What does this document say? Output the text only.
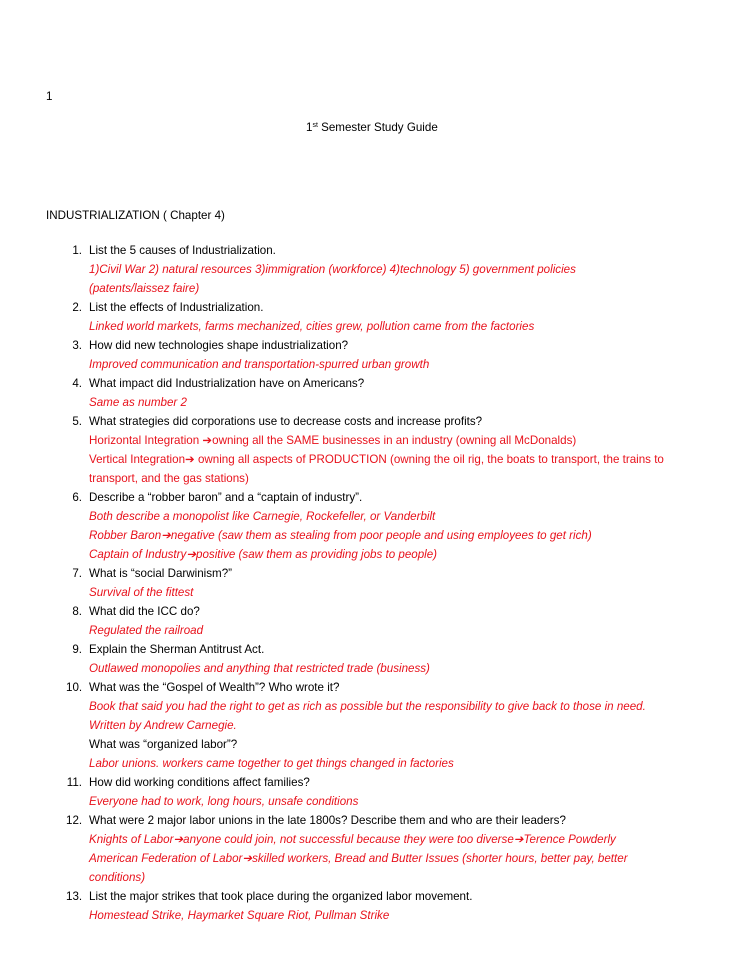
1
1st Semester Study Guide
INDUSTRIALIZATION ( Chapter 4)
1. List the 5 causes of Industrialization.
1)Civil War 2) natural resources 3)immigration (workforce) 4)technology 5) government policies
(patents/laissez faire)
2. List the effects of Industrialization.
Linked world markets, farms mechanized, cities grew, pollution came from the factories
3. How did new technologies shape industrialization?
Improved communication and transportation-spurred urban growth
4. What impact did Industrialization have on Americans?
Same as number 2
5. What strategies did corporations use to decrease costs and increase profits?
Horizontal Integration ➔owning all the SAME businesses in an industry (owning all McDonalds)
Vertical Integration➔ owning all aspects of PRODUCTION (owning the oil rig, the boats to transport, the trains to
transport, and the gas stations)
6. Describe a “robber baron” and a “captain of industry”.
Both describe a monopolist like Carnegie, Rockefeller, or Vanderbilt
Robber Baron➔negative (saw them as stealing from poor people and using employees to get rich)
Captain of Industry➔positive (saw them as providing jobs to people)
7. What is “social Darwinism?”
Survival of the fittest
8. What did the ICC do?
Regulated the railroad
9. Explain the Sherman Antitrust Act.
Outlawed monopolies and anything that restricted trade (business)
10. What was the “Gospel of Wealth”? Who wrote it?
Book that said you had the right to get as rich as possible but the responsibility to give back to those in need.
Written by Andrew Carnegie.
What was “organized labor”?
Labor unions. workers came together to get things changed in factories
11. How did working conditions affect families?
Everyone had to work, long hours, unsafe conditions
12. What were 2 major labor unions in the late 1800s? Describe them and who are their leaders?
Knights of Labor➔anyone could join, not successful because they were too diverse➔Terence Powderly
American Federation of Labor➔skilled workers, Bread and Butter Issues (shorter hours, better pay, better
conditions)
13. List the major strikes that took place during the organized labor movement.
Homestead Strike, Haymarket Square Riot, Pullman Strike
